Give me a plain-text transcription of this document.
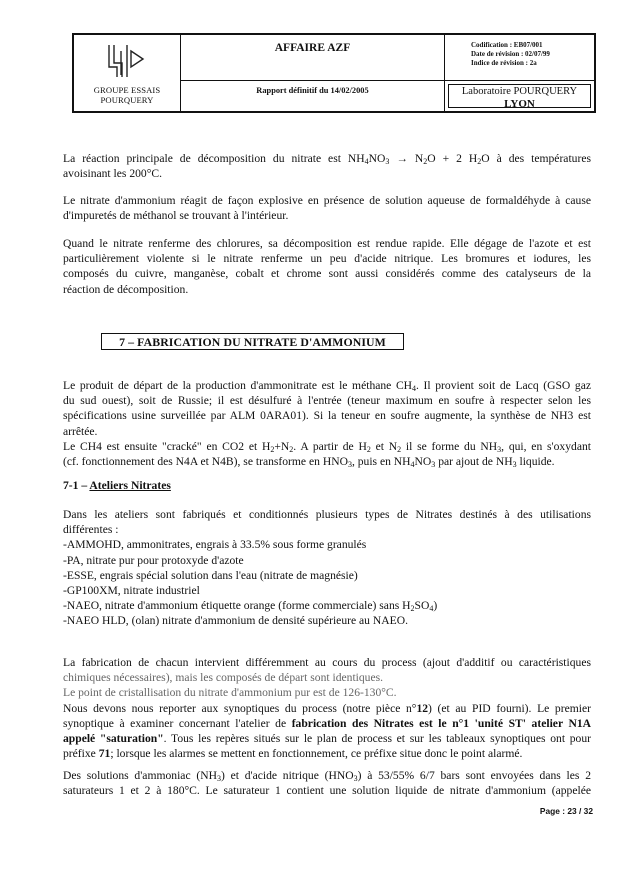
GROUPE ESSAIS
POURQUERY
AFFAIRE AZF	Codification : EB07/001
Date de révision : 02/07/99
Indice de révision : 2a
Rapport définitif du 14/02/2005	Laboratoire POURQUERY
LYON
La réaction principale de décomposition du nitrate est $NH_4NO_3 \to N_2O + 2$ $H_2O$ à des températures
avoisinant les 200°C.
Le nitrate d'ammonium réagit de façon explosive en présence de solution aqueuse de formaldéhyde à cause
d'impuretés de méthanol se trouvant à l'intérieur.
Quand le nitrate renferme des chlorures, sa décomposition est rendue rapide. Elle dégage de l'azote et est
particulièrement violente si le nitrate renferme un peu d'acide nitrique. Les bromures et iodures, les
composés du cuivre, manganèse, cobalt et chrome sont aussi considérés comme des catalyseurs de la
réaction de décomposition.
7 – FABRICATION DU NITRATE D'AMMONIUM
Le produit de départ de la production d'ammonitrate est le méthane $CH_4$. Il provient soit de Lacq (GSO gaz
du sud ouest), soit de Russie; il est désulfuré à l'entrée (teneur maximum en soufre à respecter selon les
spécifications usine surveillée par ALM 0ARA01). Si la teneur en soufre augmente, la synthèse de NH3 est
arrêtée.
Le CH4 est ensuite "cracké" en CO2 et $H_2+N_2$. A partir de $H_2$ et $N_2$ il se forme du $NH_3$, qui, en s'oxydant
(cf. fonctionnement des N4A et N4B), se transforme en $HNO_3$, puis en $NH_4NO_3$ par ajout de $NH_3$ liquide.
7-1 – Ateliers Nitrates
Dans les ateliers sont fabriqués et conditionnés plusieurs types de Nitrates destinés à des utilisations
différentes :
-AMMOHD, ammonitrates, engrais à 33.5% sous forme granulés
-PA, nitrate pur pour protoxyde d'azote
-ESSE, engrais spécial solution dans l'eau (nitrate de magnésie)
-GP100XM, nitrate industriel
-NAEO, nitrate d'ammonium étiquette orange (forme commerciale) sans $H_2SO_4$)
-NAEO HLD, (olan) nitrate d'ammonium de densité supérieure au NAEO.
La fabrication de chacun intervient différemment au cours du process (ajout d'additif ou caractéristiques
chimiques nécessaires), mais les composés de départ sont identiques.
Le point de cristallisation du nitrate d'ammonium pur est de 126-130°C.
Nous devons nous reporter aux synoptiques du process (notre pièce n°12) (et au PID fourni). Le premier
synoptique à examiner concernant l'atelier de fabrication des Nitrates est le n°1 'unité ST' atelier N1A
appelé "saturation". Tous les repères situés sur le plan de process et sur les tableaux synoptiques ont pour
préfixe 71; lorsque les alarmes se mettent en fonctionnement, ce préfixe situe donc le point alarmé.
Des solutions d'ammoniac $(NH_3)$ et d'acide nitrique $(HNO_3)$ à 53/55% 6/7 bars sont envoyées dans les 2
saturateurs 1 et 2 à 180°C. Le saturateur 1 contient une solution liquide de nitrate d'ammonium (appelée
Page : 23 / 32
